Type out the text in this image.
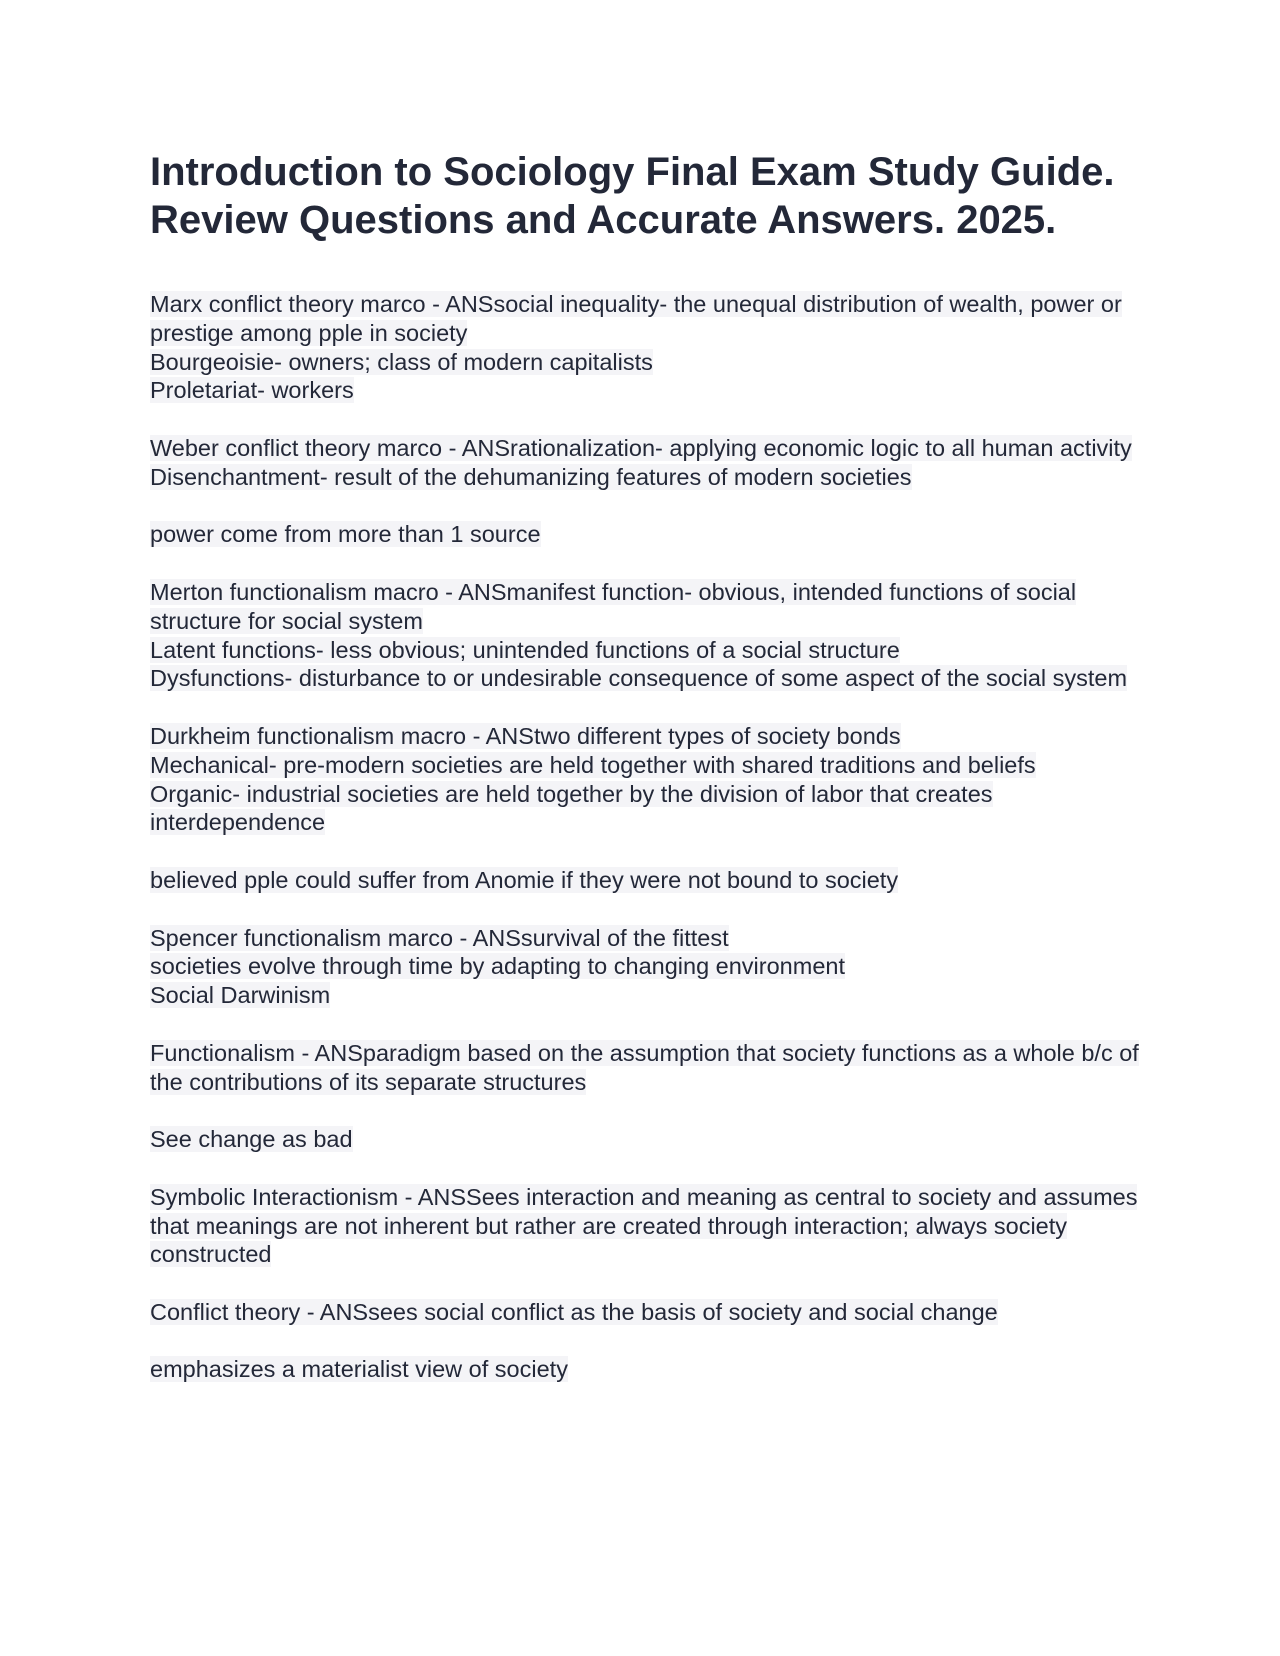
Introduction to Sociology Final Exam Study Guide. Review Questions and Accurate Answers. 2025.
Marx conflict theory marco - ANSsocial inequality- the unequal distribution of wealth, power or prestige among pple in society
Bourgeoisie- owners; class of modern capitalists
Proletariat- workers
Weber conflict theory marco - ANSrationalization- applying economic logic to all human activity
Disenchantment- result of the dehumanizing features of modern societies
power come from more than 1 source
Merton functionalism macro - ANSmanifest function- obvious, intended functions of social structure for social system
Latent functions- less obvious; unintended functions of a social structure
Dysfunctions- disturbance to or undesirable consequence of some aspect of the social system
Durkheim functionalism macro - ANStwo different types of society bonds
Mechanical- pre-modern societies are held together with shared traditions and beliefs
Organic- industrial societies are held together by the division of labor that creates interdependence
believed pple could suffer from Anomie if they were not bound to society
Spencer functionalism marco - ANSsurvival of the fittest
societies evolve through time by adapting to changing environment
Social Darwinism
Functionalism - ANSparadigm based on the assumption that society functions as a whole b/c of the contributions of its separate structures
See change as bad
Symbolic Interactionism - ANSSees interaction and meaning as central to society and assumes that meanings are not inherent but rather are created through interaction; always society constructed
Conflict theory - ANSsees social conflict as the basis of society and social change
emphasizes a materialist view of society
